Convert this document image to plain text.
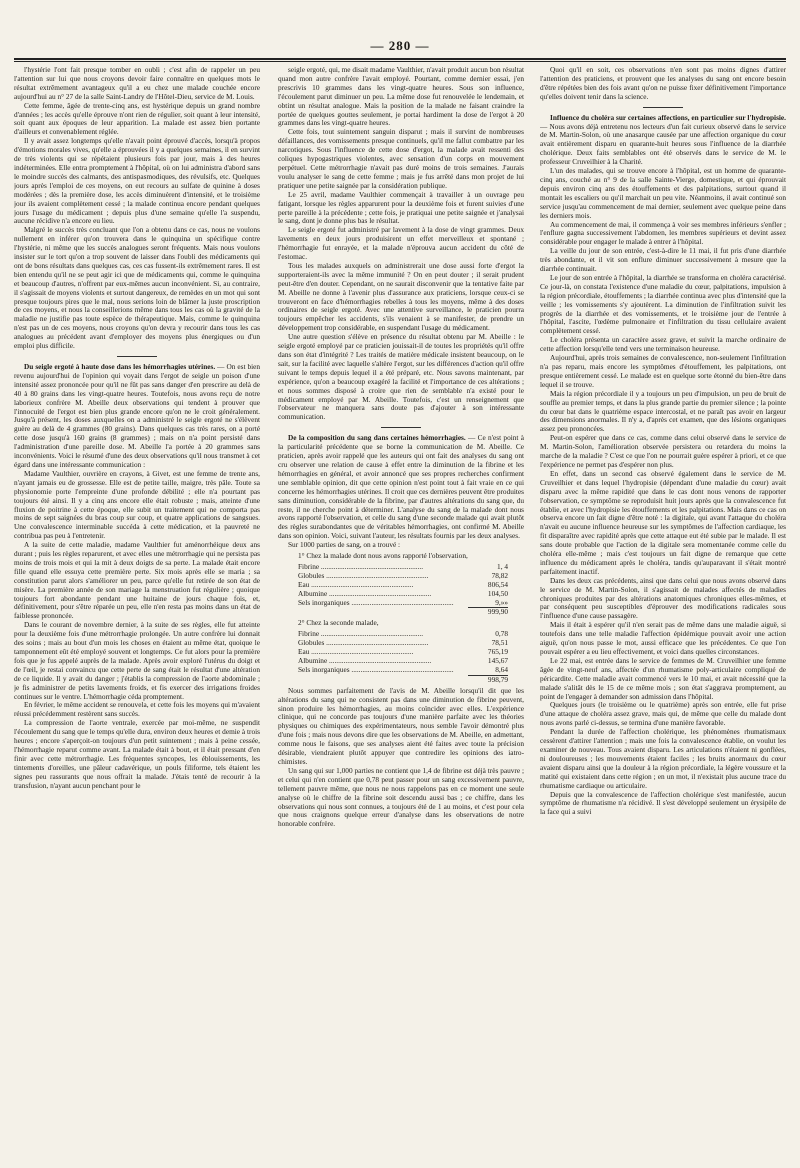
— 280 —

l'hystérie l'ont fait presque tomber en oubli ; c'est afin de rappeler un peu l'attention sur lui que nous croyons devoir faire connaître en quelques mots le résultat extrêmement avantageux qu'il a eu chez une malade couchée encore aujourd'hui au n° 27 de la salle Saint-Landry de l'Hôtel-Dieu, service de M. Louis.

Cette femme, âgée de trente-cinq ans, est hystérique depuis un grand nombre d'années ; les accès qu'elle éprouve n'ont rien de régulier, soit quant à leur intensité, soit quant aux époques de leur apparition. La malade est assez bien portante d'ailleurs et convenablement réglée.

Il y avait assez longtemps qu'elle n'avait point éprouvé d'accès, lorsqu'à propos d'émotions morales vives, qu'elle a éprouvées il y a quelques semaines, il en survint de très violents qui se répétaient plusieurs fois par jour, mais à des heures indéterminées. Elle entra promptement à l'hôpital, où on lui administra d'abord sans le moindre succès des calmants, des antispasmodiques, des révulsifs, etc. Quelques jours après l'emploi de ces moyens, on eut recours au sulfate de quinine à doses modérées ; dès la première dose, les accès diminuèrent d'intensité, et le troisième jour ils avaient complètement cessé ; la malade continua encore pendant quelques jours l'usage du médicament ; depuis plus d'une semaine qu'elle l'a suspendu, aucune récidive n'a encore eu lieu.

Malgré le succès très concluant que l'on a obtenu dans ce cas, nous ne voulons nullement en inférer qu'on trouvera dans le quinquina un spécifique contre l'hystérie, ni même que les succès analogues seront fréquents. Mais nous voulons insister sur le tort qu'on a trop souvent de laisser dans l'oubli des médicaments qui ont de bons résultats dans quelques cas, ces cas fussent-ils extrêmement rares. Il est bien entendu qu'il ne se peut agir ici que de médicaments qui, comme le quinquina et beaucoup d'autres, n'offrent par eux-mêmes aucun inconvénient. Si, au contraire, il s'agissait de moyens violents et surtout dangereux, de remèdes en un mot qui sont presque toujours pires que le mal, nous serions loin de blâmer la juste proscription de ces moyens, et nous la conseillerions même dans tous les cas où la gravité de la maladie ne justifie pas toute espèce de thérapeutique. Mais, comme le quinquina n'est pas un de ces moyens, nous croyons qu'on devra y recourir dans tous les cas analogues au précédent avant d'employer des moyens plus énergiques ou d'un emploi plus difficile.

Du seigle ergoté à haute dose dans les hémorrhagies utérines. — On est bien revenu aujourd'hui de l'opinion qui voyait dans l'ergot de seigle un poison d'une intensité assez prononcée pour qu'il ne fût pas sans danger d'en prescrire au delà de 40 à 80 grains dans les vingt-quatre heures. Toutefois, nous avons reçu de notre laborieux confrère M. Abeille deux observations qui tendent à prouver que l'innocuité de l'ergot est bien plus grande encore qu'on ne le croit généralement. Jusqu'à présent, les doses auxquelles on a administré le seigle ergoté ne s'élèvent guère au delà de 4 grammes (80 grains). Dans quelques cas très rares, on a porté cette dose jusqu'à 160 grains (8 grammes) ; mais on n'a point persisté dans l'administration d'une pareille dose. M. Abeille l'a portée à 20 grammes sans inconvénients. Voici le résumé d'une des deux observations qu'il nous transmet à cet égard dans une intéressante communication :

Madame Vaulthier, ouvrière en crayons, à Givet, est une femme de trente ans, n'ayant jamais eu de grossesse. Elle est de petite taille, maigre, très pâle. Toute sa physionomie porte l'empreinte d'une profonde débilité ; elle n'a pourtant pas toujours été ainsi. Il y a cinq ans encore elle était robuste ; mais, atteinte d'une fluxion de poitrine à cette époque, elle subit un traitement qui ne comporta pas moins de sept saignées du bras coup sur coup, et quatre applications de sangsues. Une convalescence interminable succéda à cette médication, et la pauvreté ne contribua pas peu à l'entretenir.

A la suite de cette maladie, madame Vaulthier fut aménorrhéique deux ans durant ; puis les règles reparurent, et avec elles une métrorrhagie qui ne persista pas moins de trois mois et qui la mit à deux doigts de sa perte. La malade était encore fille quand elle essuya cette première perte. Six mois après elle se maria ; sa constitution parut alors s'améliorer un peu, parce qu'elle fut retirée de son état de misère. La première année de son mariage la menstruation fut régulière ; quoique toujours fort abondante pendant une huitaine de jours chaque fois, et, définitivement, pour s'être réparée un peu, elle n'en resta pas moins dans un état de faiblesse prononcée.

Dans le courant de novembre dernier, à la suite de ses règles, elle fut atteinte pour la deuxième fois d'une métrorrhagie prolongée. Un autre confrère lui donnait des soins ; mais au bout d'un mois les choses en étaient au même état, quoique le tamponnement eût été employé souvent et longtemps. Ce fut alors pour la première fois que je fus appelé auprès de la malade. Après avoir exploré l'utérus du doigt et de l'œil, je restai convaincu que cette perte de sang était le résultat d'une altération de ce liquide. Il y avait du danger ; j'établis la compression de l'aorte abdominale ; je fis administrer de petits lavements froids, et fis exercer des irrigations froides continues sur le ventre. L'hémorrhagie céda promptement.

En février, le même accident se renouvela, et cette fois les moyens qui m'avaient réussi précédemment restèrent sans succès.

La compression de l'aorte ventrale, exercée par moi-même, ne suspendit l'écoulement du sang que le temps qu'elle dura, environ deux heures et demie à trois heures ; encore s'aperçoit-on toujours d'un petit suintement ; mais à peine cessée, l'hémorrhagie reparut comme avant. La malade était à bout, et il était pressant d'en finir avec cette métrorrhagie. Les fréquentes syncopes, les éblouissements, les tintements d'oreilles, une pâleur cadavérique, un pouls filiforme, tels étaient les signes peu rassurants que nous offrait la malade. J'étais tenté de recourir à la transfusion, n'ayant aucun penchant pour le

seigle ergoté, qui, me disait madame Vaulthier, n'avait produit aucun bon résultat quand mon autre confrère l'avait employé. Pourtant, comme dernier essai, j'en prescrivis 10 grammes dans les vingt-quatre heures. Sous son influence, l'écoulement parut diminuer un peu. La même dose fut renouvelée le lendemain, et obtint un résultat analogue. Mais la position de la malade ne faisant craindre la portée de quelques gouttes seulement, je portai hardiment la dose de l'ergot à 20 grammes dans les vingt-quatre heures.

Cette fois, tout suintement sanguin disparut ; mais il survint de nombreuses défaillances, des vomissements presque continuels, qu'il me fallut combattre par les narcotiques. Sous l'influence de cette dose d'ergot, la malade avait ressenti des coliques hypogastriques violentes, avec sensation d'un corps en mouvement perpétuel. Cette métrorrhagie n'avait pas duré moins de trois semaines. J'aurais voulu analyser le sang de cette femme ; mais je fus arrêté dans mon projet de lui pratiquer une petite saignée par la considération publique.

Le 25 avril, madame Vaulthier commençait à travailler à un ouvrage peu fatigant, lorsque les règles apparurent pour la deuxième fois et furent suivies d'une perte pareille à la précédente ; cette fois, je pratiquai une petite saignée et j'analysai le sang, dont je donne plus bas le résultat.

Le seigle ergoté fut administré par lavement à la dose de vingt grammes. Deux lavements en deux jours produisirent un effet merveilleux et spontané ; l'hémorrhagie fut enrayée, et la malade n'éprouva aucun accident du côté de l'estomac.

Tous les malades auxquels on administrerait une dose aussi forte d'ergot la supporteraient-ils avec la même immunité ? On en peut douter ; il serait prudent peut-être d'en douter. Cependant, on ne saurait disconvenir que la tentative faite par M. Abeille ne donne à l'avenir plus d'assurance aux praticiens, lorsque ceux-ci se trouveront en face d'hémorrhagies rebelles à tous les moyens, même à des doses ordinaires de seigle ergoté. Avec une attentive surveillance, le praticien pourra toujours empêcher les accidents, s'ils venaient à se manifester, de prendre un développement trop considérable, en suspendant l'usage du médicament.

Une autre question s'élève en présence du résultat obtenu par M. Abeille : le seigle ergoté employé par ce praticien jouissait-il de toutes les propriétés qu'il offre dans son état d'intégrité ? Les traités de matière médicale insistent beaucoup, on le sait, sur la facilité avec laquelle s'altère l'ergot, sur les différences d'action qu'il offre suivant le temps depuis lequel il a été préparé, etc. Nous savons maintenant, par expérience, qu'on a beaucoup exagéré la facilité et l'importance de ces altérations ; et nous sommes disposé à croire que rien de semblable n'a existé pour le médicament employé par M. Abeille. Toutefois, c'est un renseignement que l'observateur ne manquera sans doute pas d'ajouter à son intéressante communication.

De la composition du sang dans certaines hémorrhagies. — Ce n'est point à la particularité précédente que se borne la communication de M. Abeille. Ce praticien, après avoir rappelé que les auteurs qui ont fait des analyses du sang ont cru observer une relation de cause à effet entre la diminution de la fibrine et les hémorrhagies en général, et avoir annoncé que ses propres recherches confirment une semblable opinion, dit que cette opinion n'est point tout à fait vraie en ce qui concerne les hémorrhagies utérines. Il croit que ces dernières peuvent être produites sans diminution, considérable de la fibrine, par d'autres altérations du sang que, du reste, il ne cherche point à déterminer. L'analyse du sang de la malade dont nous avons rapporté l'observation, et celle du sang d'une seconde malade qui avait plutôt des règles surabondantes que de véritables hémorrhagies, ont confirmé M. Abeille dans son opinion. Voici, suivant l'auteur, les résultats fournis par les deux analyses.

Sur 1000 parties de sang, on a trouvé :

1° Chez la malade dont nous avons rapporté l'observation,
Fibrine .....	1, 4
Globules .....	78,82
Eau .....	806,54
Albumine .....	104,50
Sels inorganiques .....	9,»»
999,90
2° Chez la seconde malade,
Fibrine .....	0,78
Globules .....	78,51
Eau .....	765,19
Albumine .....	145,67
Sels inorganiques .....	8,64
998,79

Nous sommes parfaitement de l'avis de M. Abeille lorsqu'il dit que les altérations du sang qui ne consistent pas dans une diminution de fibrine peuvent, sinon produire les hémorrhagies, au moins coïncider avec elles. L'expérience clinique, qui ne concorde pas toujours d'une manière parfaite avec les théories physiques ou chimiques des expérimentateurs, nous semble l'avoir démontré plus d'une fois ; mais nous devons dire que les observations de M. Abeille, en admettant, comme nous le faisons, que ses analyses aient été faites avec toute la précision désirable, viendraient plutôt appuyer que contredire les opinions des iatro-chimistes.

Un sang qui sur 1,000 parties ne contient que 1,4 de fibrine est déjà très pauvre ; et celui qui n'en contient que 0,78 peut passer pour un sang excessivement pauvre, tellement pauvre même, que nous ne nous rappelons pas en ce moment une seule analyse où le chiffre de la fibrine soit descendu aussi bas ; ce chiffre, dans les observations qui nous sont connues, a toujours été de 1 au moins, et c'est pour cela que nous craignons quelque erreur d'analyse dans les observations de notre honorable confrère.

Quoi qu'il en soit, ces observations n'en sont pas moins dignes d'attirer l'attention des praticiens, et prouvent que les analyses du sang ont encore besoin d'être répétées bien des fois avant qu'on ne puisse fixer définitivement l'importance qu'elles doivent tenir dans la science.

Influence du choléra sur certaines affections, en particulier sur l'hydropisie. — Nous avons déjà entretenu nos lecteurs d'un fait curieux observé dans le service de M. Martin-Solon, où une anasarque causée par une affection organique du cœur avait entièrement disparu en quarante-huit heures sous l'influence de la diarrhée cholérique. Deux faits semblables ont été observés dans le service de M. le professeur Cruveilhier à la Charité.

L'un des malades, qui se trouve encore à l'hôpital, est un homme de quarante-cinq ans, couché au n° 9 de la salle Sainte-Vierge, domestique, et qui éprouvait depuis environ cinq ans des étouffements et des palpitations, surtout quand il montait les escaliers ou qu'il marchait un peu vite. Néanmoins, il avait continué son service jusqu'au commencement de mai dernier, seulement avec quelque peine dans les derniers mois.

Au commencement de mai, il commença à voir ses membres inférieurs s'enfler ; l'enflure gagna successivement l'abdomen, les membres supérieurs et devint assez considérable pour engager le malade à entrer à l'hôpital.

La veille du jour de son entrée, c'est-à-dire le 11 mai, il fut pris d'une diarrhée très abondante, et il vit son enflure diminuer successivement à mesure que la diarrhée continuait.

Le jour de son entrée à l'hôpital, la diarrhée se transforma en choléra caractérisé. Ce jour-là, on constata l'existence d'une maladie du cœur, palpitations, impulsion à la région précordiale, étouffements ; la diarrhée continua avec plus d'intensité que la veille ; les vomissements s'y ajoutèrent. La diminution de l'infiltration suivit les progrès de la diarrhée et des vomissements, et le troisième jour de l'entrée à l'hôpital, l'ascite, l'œdème pulmonaire et l'infiltration du tissu cellulaire avaient complètement cessé.

Le choléra présenta un caractère assez grave, et suivit la marche ordinaire de cette affection lorsqu'elle tend vers une terminaison heureuse.

Aujourd'hui, après trois semaines de convalescence, non-seulement l'infiltration n'a pas reparu, mais encore les symptômes d'étouffement, les palpitations, ont presque entièrement cessé. Le malade est en quelque sorte étonné du bien-être dans lequel il se trouve.

Mais la région précordiale il y a toujours un peu d'impulsion, un peu de bruit de souffle au premier temps, et dans la plus grande partie du premier silence ; la pointe du cœur bat dans le quatrième espace intercostal, et ne paraît pas avoir en largeur des dimensions anormales. Il n'y a, d'après cet examen, que des lésions organiques assez peu prononcées.

Peut-on espérer que dans ce cas, comme dans celui observé dans le service de M. Martin-Solon, l'amélioration observée persistera ou retardera du moins la marche de la maladie ? C'est ce que l'on ne pourrait guère espérer à priori, et ce que l'expérience ne permet pas d'espérer non plus.

En effet, dans un second cas observé également dans le service de M. Cruveilhier et dans lequel l'hydropisie (dépendant d'une maladie du cœur) avait disparu avec la même rapidité que dans le cas dont nous venons de rapporter l'observation, ce symptôme se reproduisit huit jours après que la convalescence fut établie, et avec l'hydropisie les étouffements et les palpitations. Mais dans ce cas on observa encore un fait digne d'être noté : la digitale, qui avant l'attaque du choléra n'avait eu aucune influence heureuse sur les symptômes de l'affection cardiaque, les fit disparaître avec rapidité après que cette attaque eut été subie par le malade. Il est sans doute probable que l'action de la digitale sera momentanée comme celle du choléra elle-même ; mais c'est toujours un fait digne de remarque que cette influence du médicament après le choléra, tandis qu'auparavant il s'était montré parfaitement inactif.

Dans les deux cas précédents, ainsi que dans celui que nous avons observé dans le service de M. Martin-Solon, il s'agissait de malades affectés de maladies chroniques produites par des altérations anatomiques chroniques elles-mêmes, et par conséquent peu susceptibles d'éprouver des modifications radicales sous l'influence d'une cause passagère.

Mais il était à espérer qu'il n'en serait pas de même dans une maladie aiguë, si toutefois dans une telle maladie l'affection épidémique pouvait avoir une action aiguë, qu'on nous passe le mot, aussi efficace que les précédentes. Ce que l'on pouvait espérer a eu lieu effectivement, et voici dans quelles circonstances.

Le 22 mai, est entrée dans le service de femmes de M. Cruveilhier une femme âgée de vingt-neuf ans, affectée d'un rhumatisme poly-articulaire compliqué de péricardite. Cette maladie avait commencé vers le 10 mai, et avait nécessité que la malade s'alitât dès le 15 de ce même mois ; son état s'aggrava promptement, au point de l'engager à demander son admission dans l'hôpital.

Quelques jours (le troisième ou le quatrième) après son entrée, elle fut prise d'une attaque de choléra assez grave, mais qui, de même que celle du malade dont nous avons parlé ci-dessus, se termina d'une manière favorable.

Pendant la durée de l'affection cholérique, les phénomènes rhumatismaux cessèrent d'attirer l'attention ; mais une fois la convalescence établie, on voulut les examiner de nouveau. Tous avaient disparu. Les articulations n'étaient ni gonflées, ni douloureuses ; les mouvements étaient faciles ; les bruits anormaux du cœur avaient disparu ainsi que la douleur à la région précordiale, la légère voussure et la matité qui existaient dans cette région ; en un mot, il n'existait plus aucune trace du rhumatisme cardiaque ou articulaire.

Depuis que la convalescence de l'affection cholérique s'est manifestée, aucun symptôme de rhumatisme n'a récidivé. Il s'est développé seulement un érysipèle de la face qui a suivi
